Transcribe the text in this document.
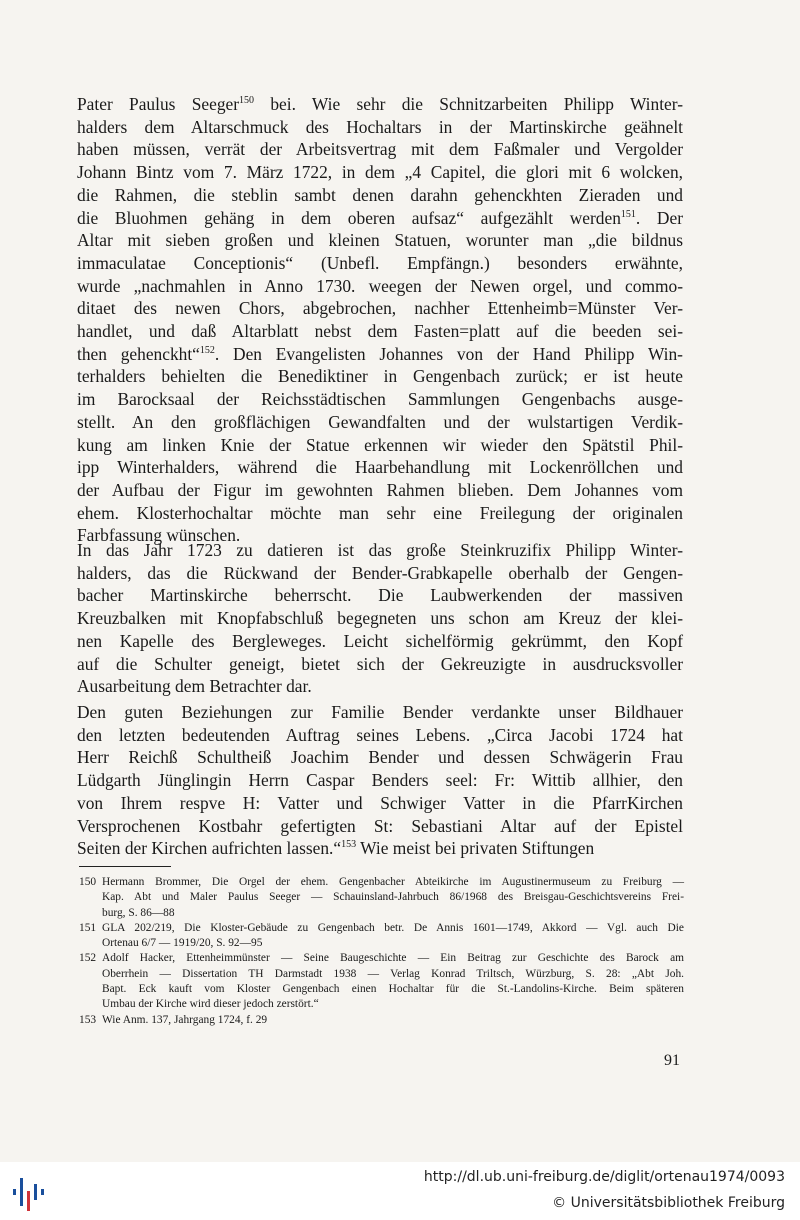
Pater Paulus Seeger$^{150}$ bei. Wie sehr die Schnitzarbeiten Philipp Winter-
halders dem Altarschmuck des Hochaltars in der Martinskirche geähnelt
haben müssen, verrät der Arbeitsvertrag mit dem Faßmaler und Vergolder
Johann Bintz vom 7. März 1722, in dem „4 Capitel, die glori mit 6 wolcken,
die Rahmen, die steblin sambt denen darahn gehenckhten Zieraden und
die Bluohmen gehäng in dem oberen aufsaz“ aufgezählt werden$^{151}$. Der
Altar mit sieben großen und kleinen Statuen, worunter man „die bildnus
immaculatae Conceptionis“ (Unbefl. Empfängn.) besonders erwähnte,
wurde „nachmahlen in Anno 1730. weegen der Newen orgel, und commo-
ditaet des newen Chors, abgebrochen, nachher Ettenheimb=Münster Ver-
handlet, und daß Altarblatt nebst dem Fasten=platt auf die beeden sei-
then gehenckht“$^{152}$. Den Evangelisten Johannes von der Hand Philipp Win-
terhalders behielten die Benediktiner in Gengenbach zurück; er ist heute
im Barocksaal der Reichsstädtischen Sammlungen Gengenbachs ausge-
stellt. An den großflächigen Gewandfalten und der wulstartigen Verdik-
kung am linken Knie der Statue erkennen wir wieder den Spätstil Phil-
ipp Winterhalders, während die Haarbehandlung mit Lockenröllchen und
der Aufbau der Figur im gewohnten Rahmen blieben. Dem Johannes vom
ehem. Klosterhochaltar möchte man sehr eine Freilegung der originalen
Farbfassung wünschen.
In das Jahr 1723 zu datieren ist das große Steinkruzifix Philipp Winter-
halders, das die Rückwand der Bender-Grabkapelle oberhalb der Gengen-
bacher Martinskirche beherrscht. Die Laubwerkenden der massiven
Kreuzbalken mit Knopfabschluß begegneten uns schon am Kreuz der klei-
nen Kapelle des Bergleweges. Leicht sichelförmig gekrümmt, den Kopf
auf die Schulter geneigt, bietet sich der Gekreuzigte in ausdrucksvoller
Ausarbeitung dem Betrachter dar.
Den guten Beziehungen zur Familie Bender verdankte unser Bildhauer
den letzten bedeutenden Auftrag seines Lebens. „Circa Jacobi 1724 hat
Herr Reichß Schultheiß Joachim Bender und dessen Schwägerin Frau
Lüdgarth Jünglingin Herrn Caspar Benders seel: Fr: Wittib allhier, den
von Ihrem respve H: Vatter und Schwiger Vatter in die PfarrKirchen
Versprochenen Kostbahr gefertigten St: Sebastiani Altar auf der Epistel
Seiten der Kirchen aufrichten lassen.“$^{153}$ Wie meist bei privaten Stiftungen
150 Hermann Brommer, Die Orgel der ehem. Gengenbacher Abteikirche im Augustinermuseum zu Freiburg —
Kap. Abt und Maler Paulus Seeger — Schauinsland-Jahrbuch 86/1968 des Breisgau-Geschichtsvereins Frei-
burg, S. 86—88
151 GLA 202/219, Die Kloster-Gebäude zu Gengenbach betr. De Annis 1601—1749, Akkord — Vgl. auch Die
Ortenau 6/7 — 1919/20, S. 92—95
152 Adolf Hacker, Ettenheimmünster — Seine Baugeschichte — Ein Beitrag zur Geschichte des Barock am
Oberrhein — Dissertation TH Darmstadt 1938 — Verlag Konrad Triltsch, Würzburg, S. 28: „Abt Joh.
Bapt. Eck kauft vom Kloster Gengenbach einen Hochaltar für die St.-Landolins-Kirche. Beim späteren
Umbau der Kirche wird dieser jedoch zerstört.“
153 Wie Anm. 137, Jahrgang 1724, f. 29
91
http://dl.ub.uni-freiburg.de/diglit/ortenau1974/0093
© Universitätsbibliothek Freiburg
